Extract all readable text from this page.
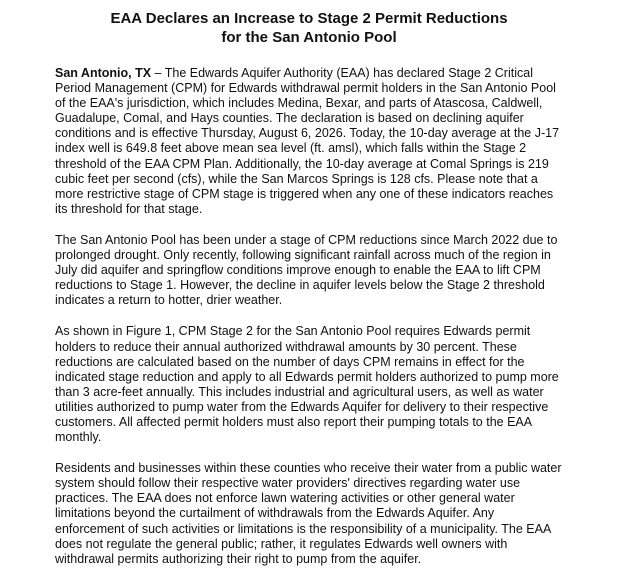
EAA Declares an Increase to Stage 2 Permit Reductions
for the San Antonio Pool

San Antonio, TX – The Edwards Aquifer Authority (EAA) has declared Stage 2 Critical Period Management (CPM) for Edwards withdrawal permit holders in the San Antonio Pool of the EAA's jurisdiction, which includes Medina, Bexar, and parts of Atascosa, Caldwell, Guadalupe, Comal, and Hays counties. The declaration is based on declining aquifer conditions and is effective Thursday, August 6, 2026. Today, the 10-day average at the J-17 index well is 649.8 feet above mean sea level (ft. amsl), which falls within the Stage 2 threshold of the EAA CPM Plan. Additionally, the 10-day average at Comal Springs is 219 cubic feet per second (cfs), while the San Marcos Springs is 128 cfs. Please note that a more restrictive stage of CPM stage is triggered when any one of these indicators reaches its threshold for that stage.

The San Antonio Pool has been under a stage of CPM reductions since March 2022 due to prolonged drought. Only recently, following significant rainfall across much of the region in July did aquifer and springflow conditions improve enough to enable the EAA to lift CPM reductions to Stage 1. However, the decline in aquifer levels below the Stage 2 threshold indicates a return to hotter, drier weather.

As shown in Figure 1, CPM Stage 2 for the San Antonio Pool requires Edwards permit holders to reduce their annual authorized withdrawal amounts by 30 percent. These reductions are calculated based on the number of days CPM remains in effect for the indicated stage reduction and apply to all Edwards permit holders authorized to pump more than 3 acre-feet annually. This includes industrial and agricultural users, as well as water utilities authorized to pump water from the Edwards Aquifer for delivery to their respective customers. All affected permit holders must also report their pumping totals to the EAA monthly.

Residents and businesses within these counties who receive their water from a public water system should follow their respective water providers' directives regarding water use practices. The EAA does not enforce lawn watering activities or other general water limitations beyond the curtailment of withdrawals from the Edwards Aquifer. Any enforcement of such activities or limitations is the responsibility of a municipality. The EAA does not regulate the general public; rather, it regulates Edwards well owners with withdrawal permits authorizing their right to pump from the aquifer.
